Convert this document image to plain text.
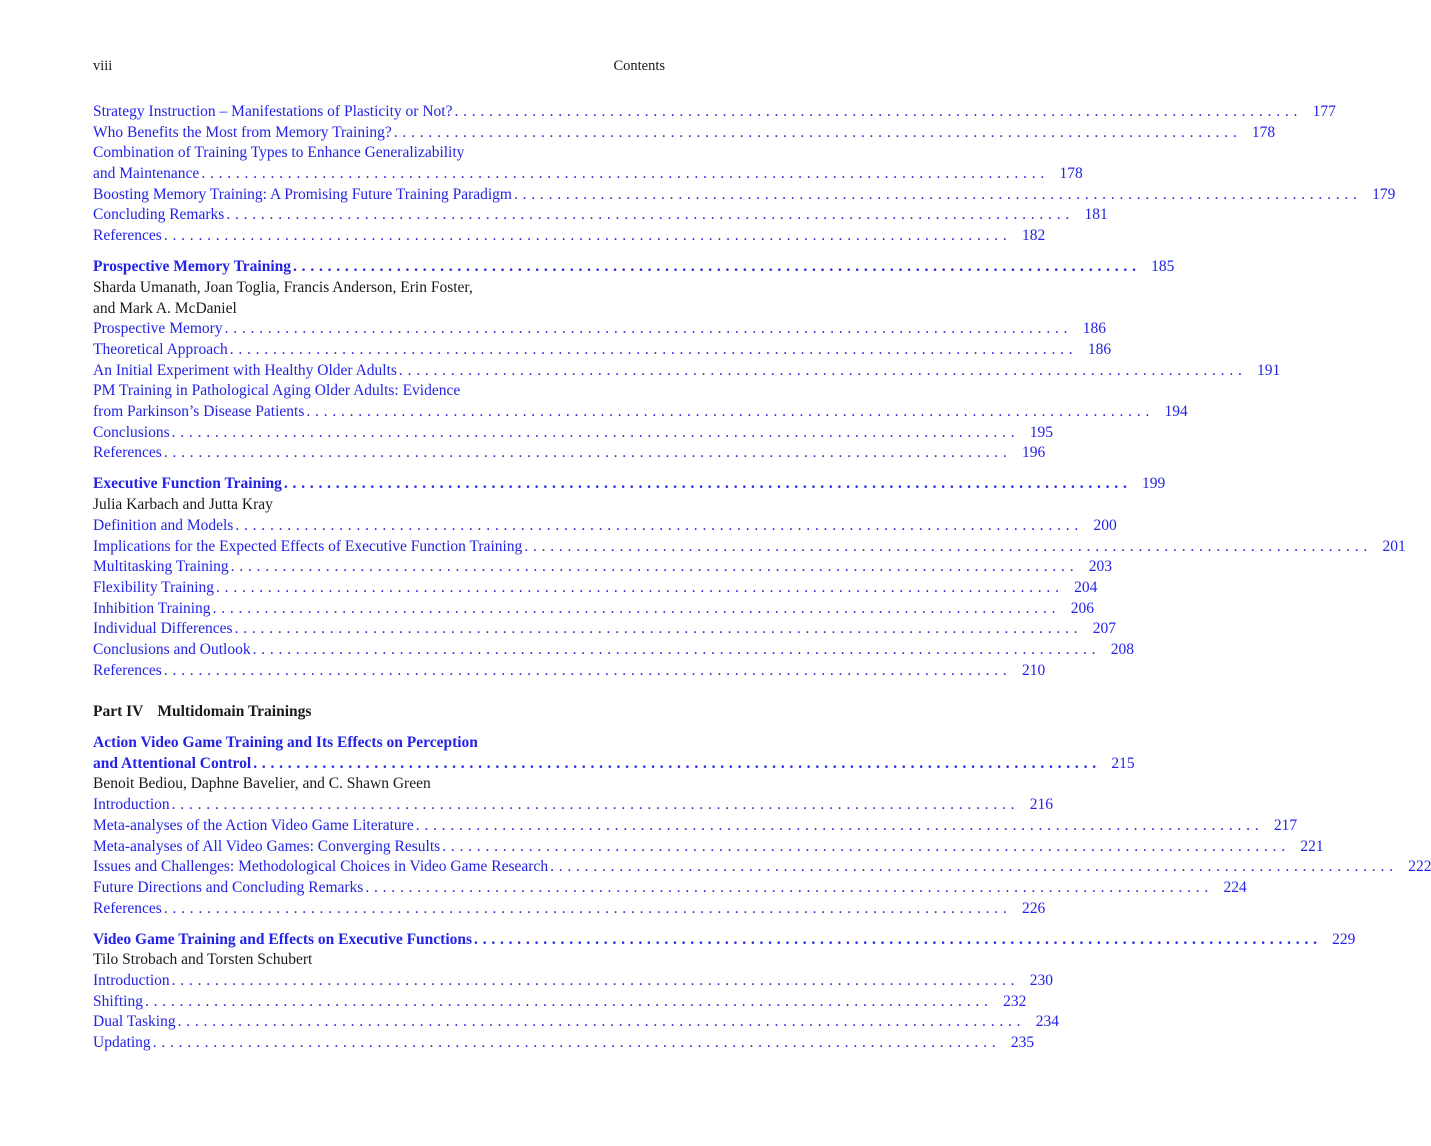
viii	Contents
Strategy Instruction – Manifestations of Plasticity or Not? . . .	177
Who Benefits the Most from Memory Training? . . .	178
Combination of Training Types to Enhance Generalizability
and Maintenance . . .	178
Boosting Memory Training: A Promising Future Training Paradigm . . .	179
Concluding Remarks . . .	181
References . . .	182
Prospective Memory Training . . .	185
Sharda Umanath, Joan Toglia, Francis Anderson, Erin Foster,
and Mark A. McDaniel
Prospective Memory . . .	186
Theoretical Approach . . .	186
An Initial Experiment with Healthy Older Adults . . .	191
PM Training in Pathological Aging Older Adults: Evidence
from Parkinson’s Disease Patients . . .	194
Conclusions . . .	195
References . . .	196
Executive Function Training . . .	199
Julia Karbach and Jutta Kray
Definition and Models . . .	200
Implications for the Expected Effects of Executive Function Training . . .	201
Multitasking Training . . .	203
Flexibility Training . . .	204
Inhibition Training . . .	206
Individual Differences . . .	207
Conclusions and Outlook . . .	208
References . . .	210
Part IV Multidomain Trainings
Action Video Game Training and Its Effects on Perception
and Attentional Control . . .	215
Benoit Bediou, Daphne Bavelier, and C. Shawn Green
Introduction . . .	216
Meta-analyses of the Action Video Game Literature . . .	217
Meta-analyses of All Video Games: Converging Results . . .	221
Issues and Challenges: Methodological Choices in Video Game Research . . .	222
Future Directions and Concluding Remarks . . .	224
References . . .	226
Video Game Training and Effects on Executive Functions . . .	229
Tilo Strobach and Torsten Schubert
Introduction . . .	230
Shifting . . .	232
Dual Tasking . . .	234
Updating . . .	235
